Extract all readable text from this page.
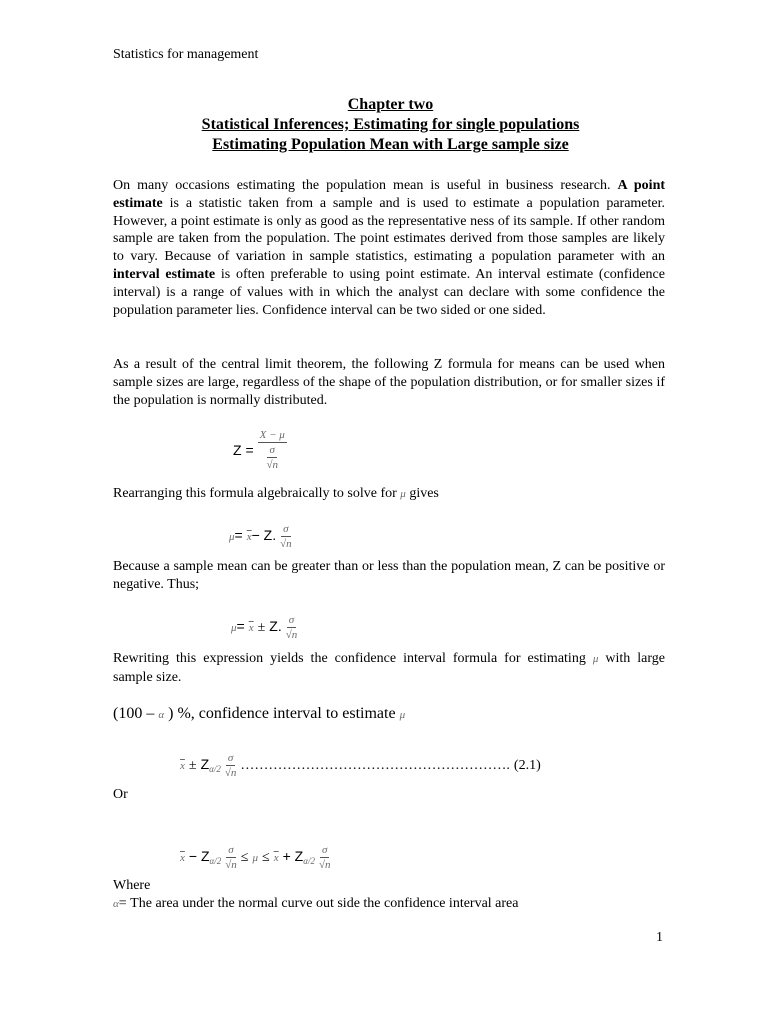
Statistics for management
Chapter two
Statistical Inferences; Estimating for single populations
Estimating Population Mean with Large sample size
On many occasions estimating the population mean is useful in business research. A point estimate is a statistic taken from a sample and is used to estimate a population parameter. However, a point estimate is only as good as the representative ness of its sample. If other random sample are taken from the population. The point estimates derived from those samples are likely to vary. Because of variation in sample statistics, estimating a population parameter with an interval estimate is often preferable to using point estimate. An interval estimate (confidence interval) is a range of values with in which the analyst can declare with some confidence the population parameter lies. Confidence interval can be two sided or one sided.
As a result of the central limit theorem, the following Z formula for means can be used when sample sizes are large, regardless of the shape of the population distribution, or for smaller sizes if the population is normally distributed.
$Z = \frac{X - \mu}{\frac{\sigma}{√n}}$
Rearranging this formula algebraically to solve for μ gives
$\mu= \overline{x}- Z$. $\frac{\sigma}{√n}$
Because a sample mean can be greater than or less than the population mean, Z can be positive or negative. Thus;
$\mu= \overline{x} \pm Z$. $\frac{\sigma}{√n}$
Rewriting this expression yields the confidence interval formula for estimating μ with large sample size.
(100 – α ) %, confidence interval to estimate μ
$\overline{x} \pm Z_{\alpha/2} \frac{\sigma}{√n}$ …………………………………………………. (2.1)
Or
$\overline{x} - Z_{\alpha/2} \frac{\sigma}{√n} \le \mu \le \overline{x} + Z_{\alpha/2} \frac{\sigma}{√n}$
Where
α= The area under the normal curve out side the confidence interval area
1
